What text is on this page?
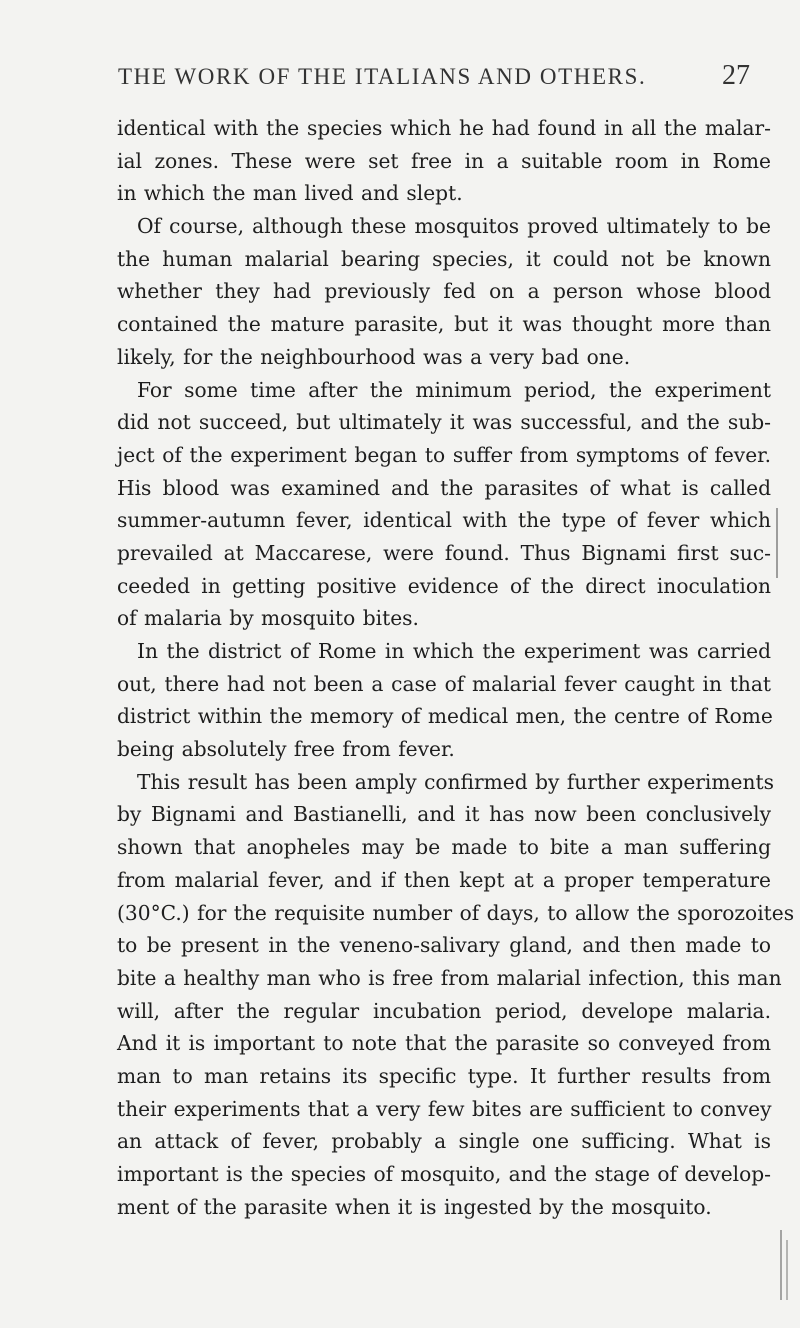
THE WORK OF THE ITALIANS AND OTHERS.	27
identical with the species which he had found in all the malar-
ial zones. These were set free in a suitable room in Rome
in which the man lived and slept.
Of course, although these mosquitos proved ultimately to be
the human malarial bearing species, it could not be known
whether they had previously fed on a person whose blood
contained the mature parasite, but it was thought more than
likely, for the neighbourhood was a very bad one.
For some time after the minimum period, the experiment
did not succeed, but ultimately it was successful, and the sub-
ject of the experiment began to suffer from symptoms of fever.
His blood was examined and the parasites of what is called
summer-autumn fever, identical with the type of fever which
prevailed at Maccarese, were found. Thus Bignami first suc-
ceeded in getting positive evidence of the direct inoculation
of malaria by mosquito bites.
In the district of Rome in which the experiment was carried
out, there had not been a case of malarial fever caught in that
district within the memory of medical men, the centre of Rome
being absolutely free from fever.
This result has been amply confirmed by further experiments
by Bignami and Bastianelli, and it has now been conclusively
shown that anopheles may be made to bite a man suffering
from malarial fever, and if then kept at a proper temperature
(30°C.) for the requisite number of days, to allow the sporozoites
to be present in the veneno-salivary gland, and then made to
bite a healthy man who is free from malarial infection, this man
will, after the regular incubation period, develope malaria.
And it is important to note that the parasite so conveyed from
man to man retains its specific type. It further results from
their experiments that a very few bites are sufficient to convey
an attack of fever, probably a single one sufficing. What is
important is the species of mosquito, and the stage of develop-
ment of the parasite when it is ingested by the mosquito.
